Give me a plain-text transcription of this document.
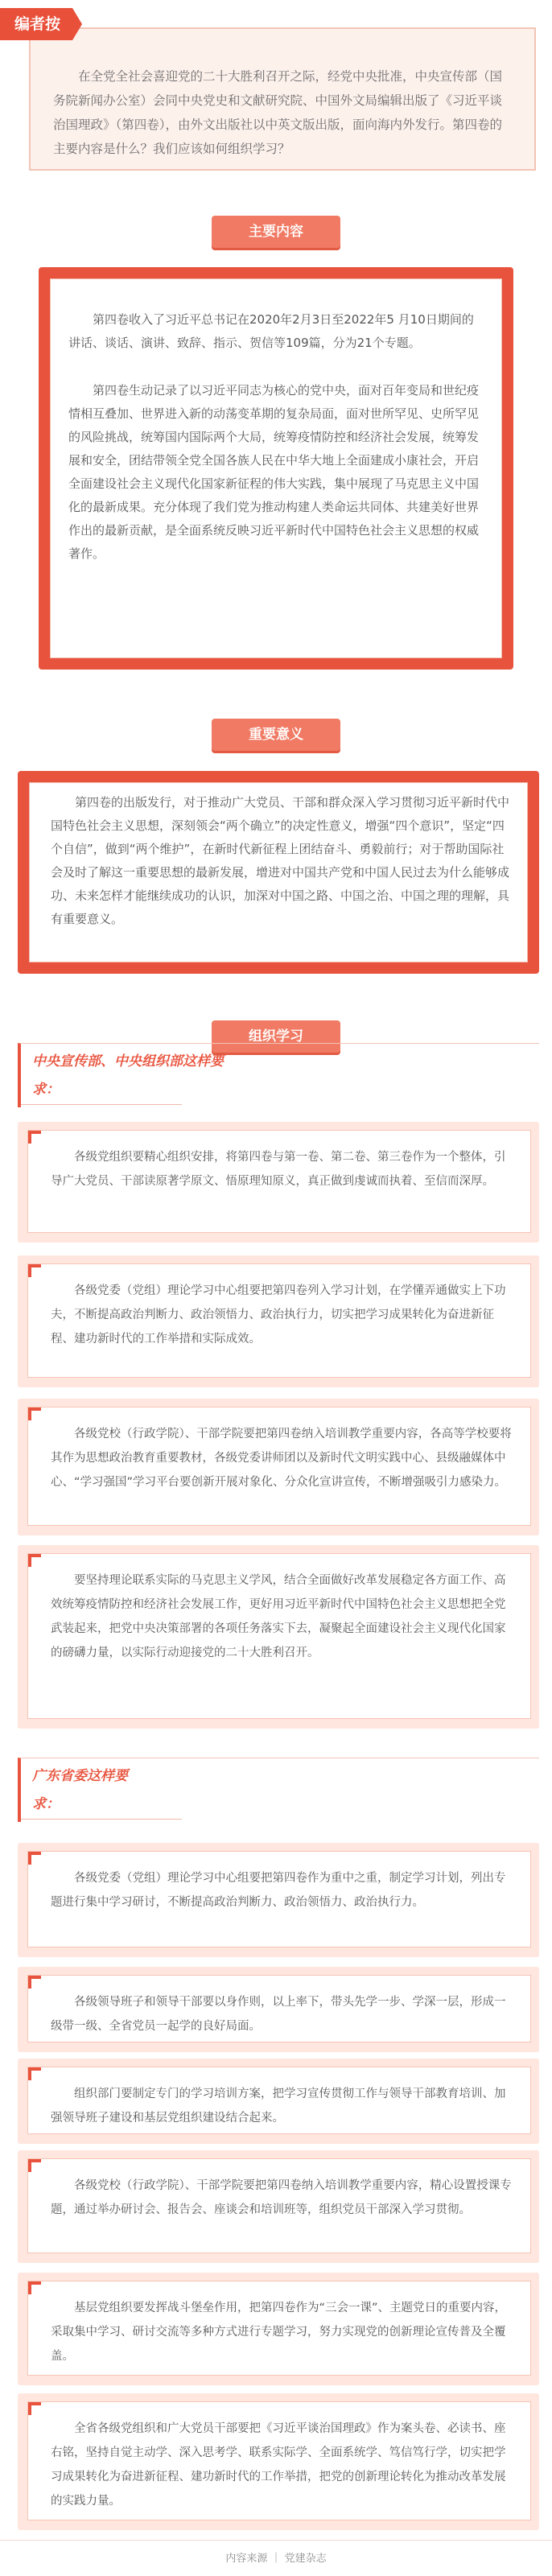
在全党全社会喜迎党的二十大胜利召开之际，经党中央批准，中央宣传部（国务院新闻办公室）会同中央党史和文献研究院、中国外文局编辑出版了《习近平谈治国理政》（第四卷），由外文出版社以中英文版出版，面向海内外发行。第四卷的主要内容是什么？我们应该如何组织学习？
编者按
主要内容
第四卷收入了习近平总书记在2020年2月3日至2022年5 月10日期间的讲话、谈话、演讲、致辞、指示、贺信等109篇，分为21个专题。
第四卷生动记录了以习近平同志为核心的党中央，面对百年变局和世纪疫情相互叠加、世界进入新的动荡变革期的复杂局面，面对世所罕见、史所罕见的风险挑战，统筹国内国际两个大局，统筹疫情防控和经济社会发展，统筹发展和安全，团结带领全党全国各族人民在中华大地上全面建成小康社会，开启全面建设社会主义现代化国家新征程的伟大实践，集中展现了马克思主义中国化的最新成果。充分体现了我们党为推动构建人类命运共同体、共建美好世界作出的最新贡献，是全面系统反映习近平新时代中国特色社会主义思想的权威著作。
重要意义
第四卷的出版发行，对于推动广大党员、干部和群众深入学习贯彻习近平新时代中国特色社会主义思想，深刻领会“两个确立”的决定性意义，增强“四个意识”，坚定“四个自信”，做到“两个维护”，在新时代新征程上团结奋斗、勇毅前行；对于帮助国际社会及时了解这一重要思想的最新发展，增进对中国共产党和中国人民过去为什么能够成功、未来怎样才能继续成功的认识，加深对中国之路、中国之治、中国之理的理解，具有重要意义。
组织学习
中央宣传部、中央组织部这样要
求：
各级党组织要精心组织安排，将第四卷与第一卷、第二卷、第三卷作为一个整体，引导广大党员、干部读原著学原文、悟原理知原义，真正做到虔诚而执着、至信而深厚。
各级党委（党组）理论学习中心组要把第四卷列入学习计划，在学懂弄通做实上下功夫，不断提高政治判断力、政治领悟力、政治执行力，切实把学习成果转化为奋进新征程、建功新时代的工作举措和实际成效。
各级党校（行政学院）、干部学院要把第四卷纳入培训教学重要内容，各高等学校要将其作为思想政治教育重要教材，各级党委讲师团以及新时代文明实践中心、县级融媒体中心、“学习强国”学习平台要创新开展对象化、分众化宣讲宣传，不断增强吸引力感染力。
要坚持理论联系实际的马克思主义学风，结合全面做好改革发展稳定各方面工作、高效统筹疫情防控和经济社会发展工作，更好用习近平新时代中国特色社会主义思想把全党武装起来，把党中央决策部署的各项任务落实下去，凝聚起全面建设社会主义现代化国家的磅礴力量，以实际行动迎接党的二十大胜利召开。
广东省委这样要
求：
各级党委（党组）理论学习中心组要把第四卷作为重中之重，制定学习计划，列出专题进行集中学习研讨，不断提高政治判断力、政治领悟力、政治执行力。
各级领导班子和领导干部要以身作则，以上率下，带头先学一步、学深一层，形成一级带一级、全省党员一起学的良好局面。
组织部门要制定专门的学习培训方案，把学习宣传贯彻工作与领导干部教育培训、加强领导班子建设和基层党组织建设结合起来。
各级党校（行政学院）、干部学院要把第四卷纳入培训教学重要内容，精心设置授课专题，通过举办研讨会、报告会、座谈会和培训班等，组织党员干部深入学习贯彻。
基层党组织要发挥战斗堡垒作用，把第四卷作为“三会一课”、主题党日的重要内容，采取集中学习、研讨交流等多种方式进行专题学习，努力实现党的创新理论宣传普及全覆盖。
全省各级党组织和广大党员干部要把《习近平谈治国理政》作为案头卷、必读书、座右铭，坚持自觉主动学、深入思考学、联系实际学、全面系统学、笃信笃行学，切实把学习成果转化为奋进新征程、建功新时代的工作举措，把党的创新理论转化为推动改革发展的实践力量。
内容来源 ｜ 党建杂志
